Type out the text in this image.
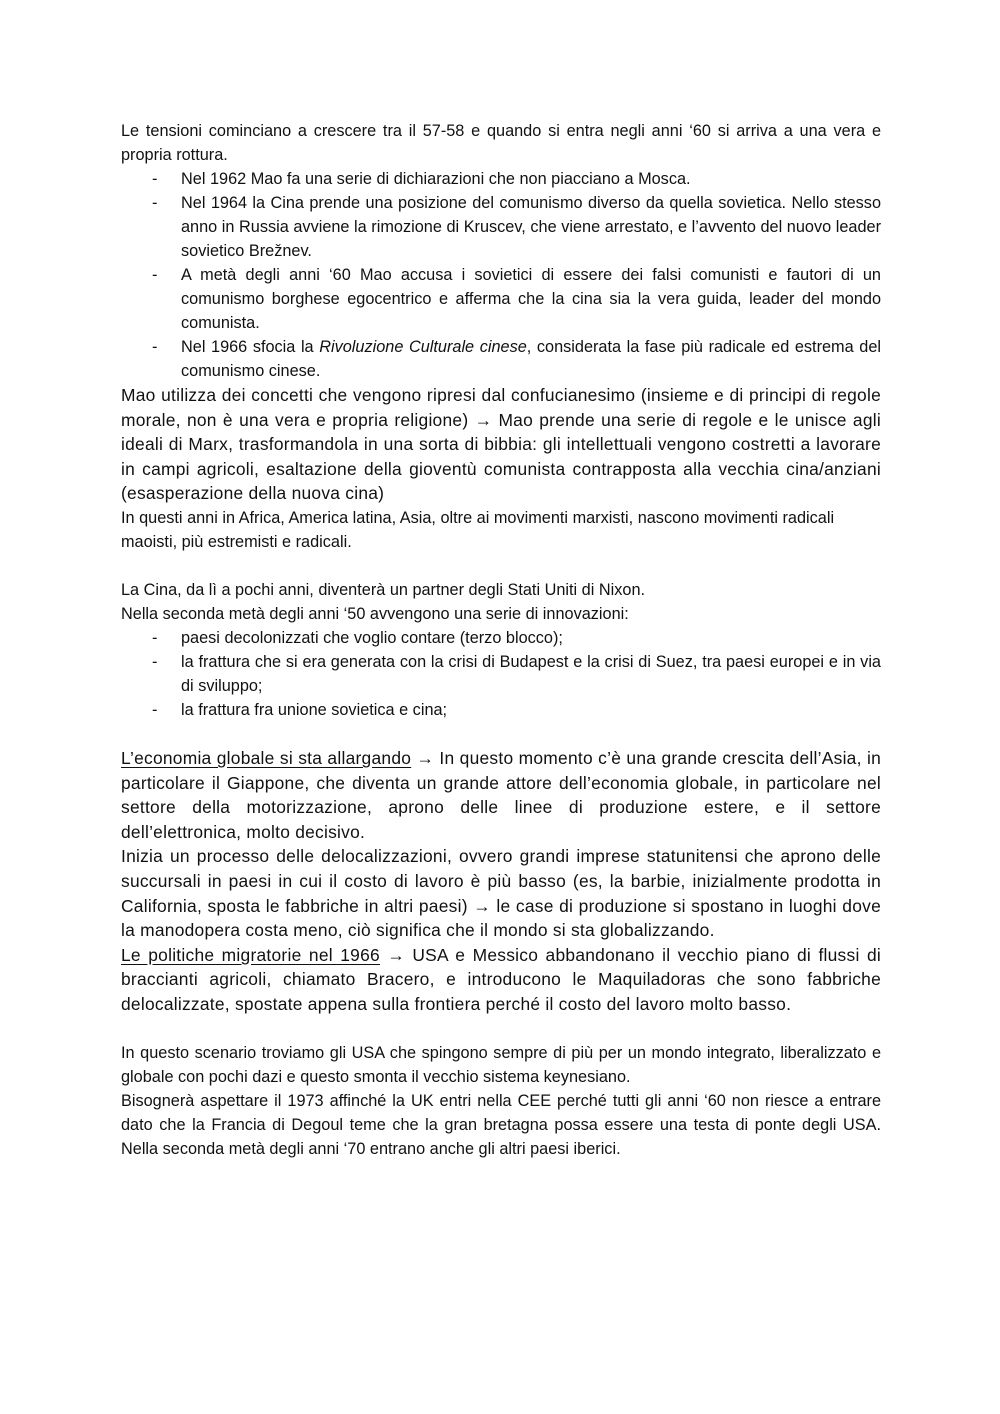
Le tensioni cominciano a crescere tra il 57-58 e quando si entra negli anni ‘60 si arriva a una vera e propria rottura.

- Nel 1962 Mao fa una serie di dichiarazioni che non piacciano a Mosca.
- Nel 1964 la Cina prende una posizione del comunismo diverso da quella sovietica. Nello stesso anno in Russia avviene la rimozione di Kruscev, che viene arrestato, e l’avvento del nuovo leader sovietico Brežnev.
- A metà degli anni ‘60 Mao accusa i sovietici di essere dei falsi comunisti e fautori di un comunismo borghese egocentrico e afferma che la cina sia la vera guida, leader del mondo comunista.
- Nel 1966 sfocia la Rivoluzione Culturale cinese, considerata la fase più radicale ed estrema del comunismo cinese.

Mao utilizza dei concetti che vengono ripresi dal confucianesimo (insieme e di principi di regole morale, non è una vera e propria religione) → Mao prende una serie di regole e le unisce agli ideali di Marx, trasformandola in una sorta di bibbia: gli intellettuali vengono costretti a lavorare in campi agricoli, esaltazione della gioventù comunista contrapposta alla vecchia cina/anziani (esasperazione della nuova cina)

In questi anni in Africa, America latina, Asia, oltre ai movimenti marxisti, nascono movimenti radicali maoisti, più estremisti e radicali.

La Cina, da lì a pochi anni, diventerà un partner degli Stati Uniti di Nixon.

Nella seconda metà degli anni ‘50 avvengono una serie di innovazioni:

- paesi decolonizzati che voglio contare (terzo blocco);
- la frattura che si era generata con la crisi di Budapest e la crisi di Suez, tra paesi europei e in via di sviluppo;
- la frattura fra unione sovietica e cina;

L’economia globale si sta allargando → In questo momento c’è una grande crescita dell’Asia, in particolare il Giappone, che diventa un grande attore dell’economia globale, in particolare nel settore della motorizzazione, aprono delle linee di produzione estere, e il settore dell’elettronica, molto decisivo.

Inizia un processo delle delocalizzazioni, ovvero grandi imprese statunitensi che aprono delle succursali in paesi in cui il costo di lavoro è più basso (es, la barbie, inizialmente prodotta in California, sposta le fabbriche in altri paesi) → le case di produzione si spostano in luoghi dove la manodopera costa meno, ciò significa che il mondo si sta globalizzando.

Le politiche migratorie nel 1966 → USA e Messico abbandonano il vecchio piano di flussi di braccianti agricoli, chiamato Bracero, e introducono le Maquiladoras che sono fabbriche delocalizzate, spostate appena sulla frontiera perché il costo del lavoro molto basso.

In questo scenario troviamo gli USA che spingono sempre di più per un mondo integrato, liberalizzato e globale con pochi dazi e questo smonta il vecchio sistema keynesiano.

Bisognerà aspettare il 1973 affinché la UK entri nella CEE perché tutti gli anni ‘60 non riesce a entrare dato che la Francia di Degoul teme che la gran bretagna possa essere una testa di ponte degli USA. Nella seconda metà degli anni ‘70 entrano anche gli altri paesi iberici.
